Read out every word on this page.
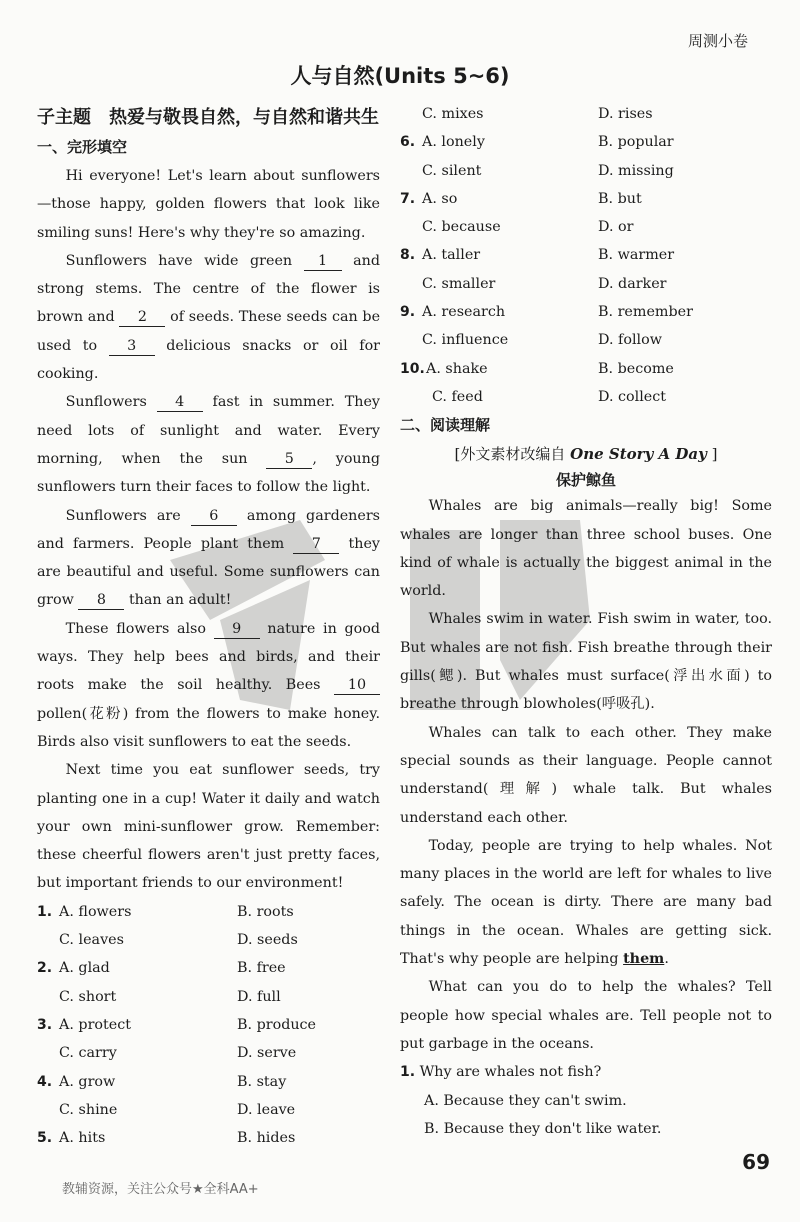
周测小卷
人与自然(Units 5~6)
子主题　热爱与敬畏自然，与自然和谐共生
一、完形填空

Hi everyone! Let's learn about sunflowers—those happy, golden flowers that look like smiling suns! Here's why they're so amazing.

Sunflowers have wide green 1 and strong stems. The centre of the flower is brown and 2 of seeds. These seeds can be used to 3 delicious snacks or oil for cooking.

Sunflowers 4 fast in summer. They need lots of sunlight and water. Every morning, when the sun	5 , young sunflowers turn their faces to follow the light.

Sunflowers are 6 among gardeners and farmers. People plant them 7 they are beautiful and useful. Some sunflowers can grow 8 than an adult!

These flowers also 9 nature in good ways. They help bees and birds, and their roots make the soil healthy. Bees 10 pollen(花粉) from the flowers to make honey. Birds also visit sunflowers to eat the seeds.

Next time you eat sunflower seeds, try planting one in a cup! Water it daily and watch your own mini-sunflower grow. Remember: these cheerful flowers aren't just pretty faces, but important friends to our environment!

1. A. flowers	B. roots
C. leaves	D. seeds
2. A. glad	B. free
C. short	D. full
3. A. protect	B. produce
C. carry	D. serve
4. A. grow	B. stay
C. shine	D. leave
5. A. hits	B. hides
C. mixes	D. rises
6. A. lonely	B. popular
C. silent	D. missing
7. A. so	B. but
C. because	D. or
8. A. taller	B. warmer
C. smaller	D. darker
9. A. research	B. remember
C. influence	D. follow
10. A. shake	B. become
C. feed	D. collect
二、阅读理解
[外文素材改编自 One Story A Day ]
保护鲸鱼

Whales are big animals—really big! Some whales are longer than three school buses. One kind of whale is actually the biggest animal in the world.

Whales swim in water. Fish swim in water, too. But whales are not fish. Fish breathe through their gills(鳃). But whales must surface(浮出水面) to breathe through blowholes(呼吸孔).

Whales can talk to each other. They make special sounds as their language. People cannot understand(理解) whale talk. But whales understand each other.

Today, people are trying to help whales. Not many places in the world are left for whales to live safely. The ocean is dirty. There are many bad things in the ocean. Whales are getting sick. That's why people are helping them.

What can you do to help the whales? Tell people how special whales are. Tell people not to put garbage in the oceans.

1. Why are whales not fish?
A. Because they can't swim.
B. Because they don't like water.
69
教辅资源，关注公众号★全科AA+
